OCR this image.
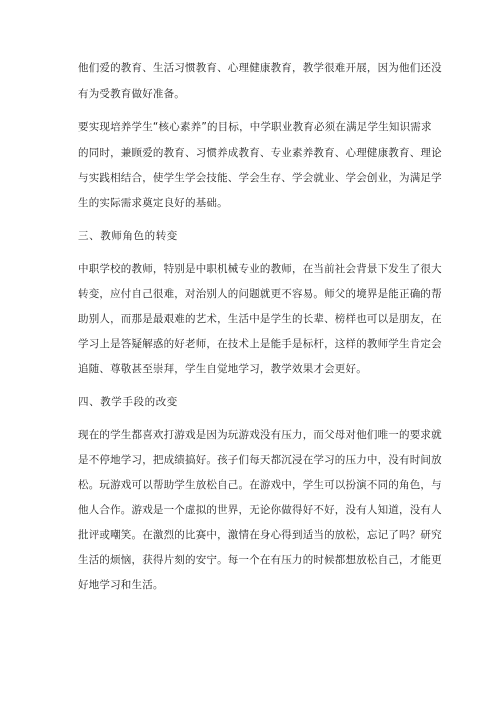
他们爱的教育、生活习惯教育、心理健康教育，教学很难开展，因为他们还没
有为受教育做好准备。
要实现培养学生“核心素养”的目标，中学职业教育必须在满足学生知识需求
的同时，兼顾爱的教育、习惯养成教育、专业素养教育、心理健康教育、理论
与实践相结合，使学生学会技能、学会生存、学会就业、学会创业，为满足学
生的实际需求奠定良好的基础。
三、教师角色的转变
中职学校的教师，特别是中职机械专业的教师，在当前社会背景下发生了很大
转变，应付自己很难，对治别人的问题就更不容易。师父的境界是能正确的帮
助别人，而那是最艰难的艺术，生活中是学生的长辈、榜样也可以是朋友，在
学习上是答疑解惑的好老师，在技术上是能手是标杆，这样的教师学生肯定会
追随、尊敬甚至崇拜，学生自觉地学习，教学效果才会更好。
四、教学手段的改变
现在的学生都喜欢打游戏是因为玩游戏没有压力，而父母对他们唯一的要求就
是不停地学习，把成绩搞好。孩子们每天都沉浸在学习的压力中，没有时间放
松。玩游戏可以帮助学生放松自己。在游戏中，学生可以扮演不同的角色，与
他人合作。游戏是一个虚拟的世界，无论你做得好不好，没有人知道，没有人
批评或嘲笑。在激烈的比赛中，激情在身心得到适当的放松，忘记了吗？研究
生活的烦恼，获得片刻的安宁。每一个在有压力的时候都想放松自己，才能更
好地学习和生活。
